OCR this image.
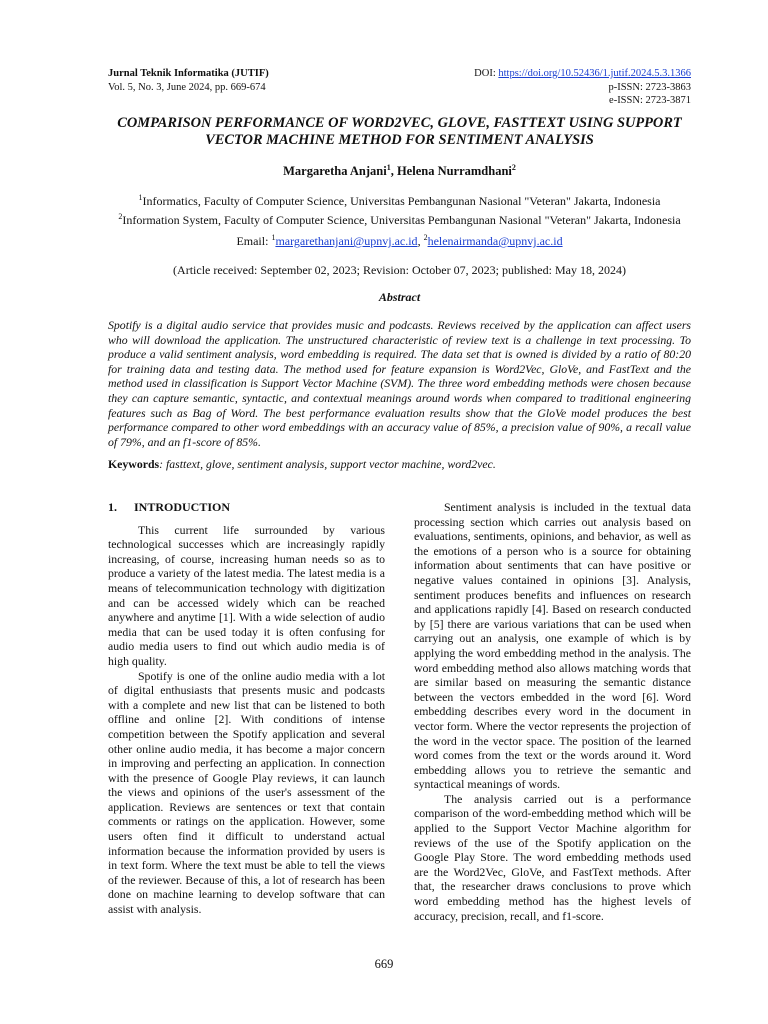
Jurnal Teknik Informatika (JUTIF)
Vol. 5, No. 3, June 2024, pp. 669-674
DOI: https://doi.org/10.52436/1.jutif.2024.5.3.1366
p-ISSN: 2723-3863
e-ISSN: 2723-3871
COMPARISON PERFORMANCE OF WORD2VEC, GLOVE, FASTTEXT USING SUPPORT VECTOR MACHINE METHOD FOR SENTIMENT ANALYSIS
Margaretha Anjani$^1$, Helena Nurramdhani$^2$
$^1$Informatics, Faculty of Computer Science, Universitas Pembangunan Nasional "Veteran" Jakarta, Indonesia
$^2$Information System, Faculty of Computer Science, Universitas Pembangunan Nasional "Veteran" Jakarta, Indonesia
Email: $^1$margarethanjani@upnvj.ac.id, $^2$helenairmanda@upnvj.ac.id
(Article received: September 02, 2023; Revision: October 07, 2023; published: May 18, 2024)
Abstract
Spotify is a digital audio service that provides music and podcasts. Reviews received by the application can affect users who will download the application. The unstructured characteristic of review text is a challenge in text processing. To produce a valid sentiment analysis, word embedding is required. The data set that is owned is divided by a ratio of 80:20 for training data and testing data. The method used for feature expansion is Word2Vec, GloVe, and FastText and the method used in classification is Support Vector Machine (SVM). The three word embedding methods were chosen because they can capture semantic, syntactic, and contextual meanings around words when compared to traditional engineering features such as Bag of Word. The best performance evaluation results show that the GloVe model produces the best performance compared to other word embeddings with an accuracy value of 85%, a precision value of 90%, a recall value of 79%, and an f1-score of 85%.
Keywords: fasttext, glove, sentiment analysis, support vector machine, word2vec.
1. INTRODUCTION

This current life surrounded by various technological successes which are increasingly rapidly increasing, of course, increasing human needs so as to produce a variety of the latest media. The latest media is a means of telecommunication technology with digitization and can be accessed widely which can be reached anywhere and anytime [1]. With a wide selection of audio media that can be used today it is often confusing for audio media users to find out which audio media is of high quality.

Spotify is one of the online audio media with a lot of digital enthusiasts that presents music and podcasts with a complete and new list that can be listened to both offline and online [2]. With conditions of intense competition between the Spotify application and several other online audio media, it has become a major concern in improving and perfecting an application. In connection with the presence of Google Play reviews, it can launch the views and opinions of the user's assessment of the application. Reviews are sentences or text that contain comments or ratings on the application. However, some users often find it difficult to understand actual information because the information provided by users is in text form. Where the text must be able to tell the views of the reviewer. Because of this, a lot of research has been done on machine learning to develop software that can assist with analysis.

Sentiment analysis is included in the textual data processing section which carries out analysis based on evaluations, sentiments, opinions, and behavior, as well as the emotions of a person who is a source for obtaining information about sentiments that can have positive or negative values contained in opinions [3]. Analysis, sentiment produces benefits and influences on research and applications rapidly [4]. Based on research conducted by [5] there are various variations that can be used when carrying out an analysis, one example of which is by applying the word embedding method in the analysis. The word embedding method also allows matching words that are similar based on measuring the semantic distance between the vectors embedded in the word [6]. Word embedding describes every word in the document in vector form. Where the vector represents the projection of the word in the vector space. The position of the learned word comes from the text or the words around it. Word embedding allows you to retrieve the semantic and syntactical meanings of words.

The analysis carried out is a performance comparison of the word-embedding method which will be applied to the Support Vector Machine algorithm for reviews of the use of the Spotify application on the Google Play Store. The word embedding methods used are the Word2Vec, GloVe, and FastText methods. After that, the researcher draws conclusions to prove which word embedding method has the highest levels of accuracy, precision, recall, and f1-score.

669
